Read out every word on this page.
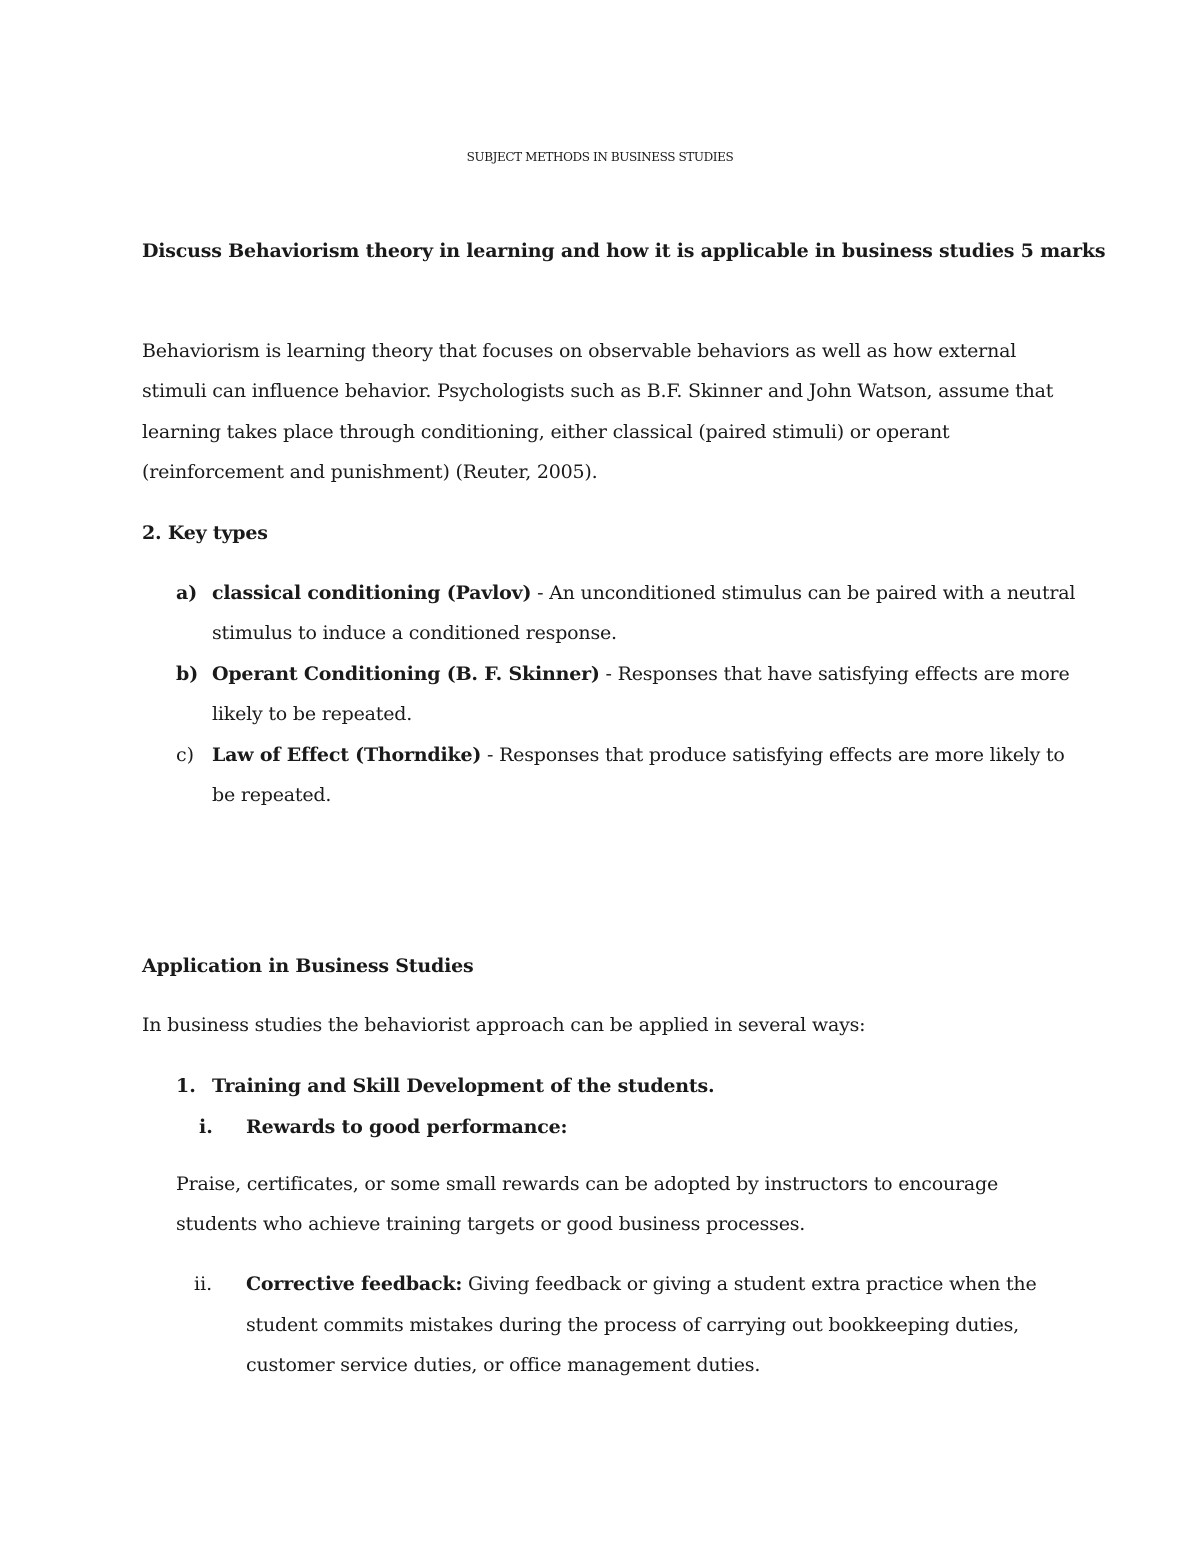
SUBJECT METHODS IN BUSINESS STUDIES
Discuss Behaviorism theory in learning and how it is applicable in business studies 5 marks
Behaviorism is learning theory that focuses on observable behaviors as well as how external
stimuli can influence behavior. Psychologists such as B.F. Skinner and John Watson, assume that
learning takes place through conditioning, either classical (paired stimuli) or operant
(reinforcement and punishment) (Reuter, 2005).
2. Key types
a) classical conditioning (Pavlov) - An unconditioned stimulus can be paired with a neutral
stimulus to induce a conditioned response.
b) Operant Conditioning (B. F. Skinner) - Responses that have satisfying effects are more
likely to be repeated.
c) Law of Effect (Thorndike) - Responses that produce satisfying effects are more likely to
be repeated.
Application in Business Studies
In business studies the behaviorist approach can be applied in several ways:
1. Training and Skill Development of the students.
i. Rewards to good performance:
Praise, certificates, or some small rewards can be adopted by instructors to encourage
students who achieve training targets or good business processes.
ii. Corrective feedback: Giving feedback or giving a student extra practice when the
student commits mistakes during the process of carrying out bookkeeping duties,
customer service duties, or office management duties.
